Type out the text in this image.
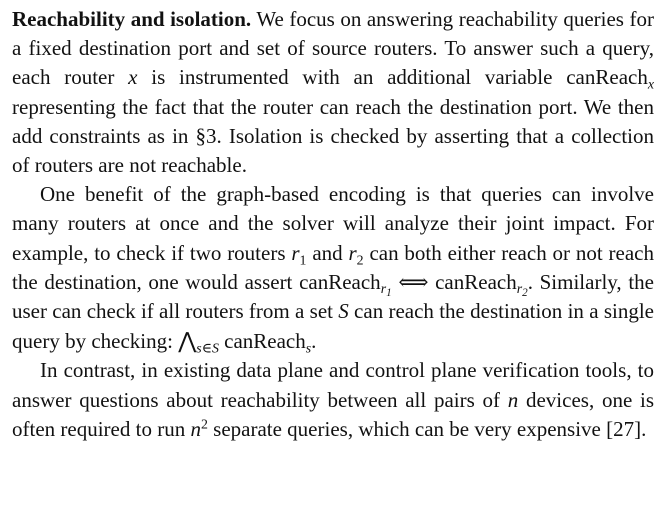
Reachability and isolation. We focus on answering reachability queries for a fixed destination port and set of source routers. To answer such a query, each router x is instrumented with an additional variable canReach$_x$ representing the fact that the router can reach the destination port. We then add constraints as in §3. Isolation is checked by asserting that a collection of routers are not reachable.

One benefit of the graph-based encoding is that queries can involve many routers at once and the solver will analyze their joint impact. For example, to check if two routers $r_1$ and $r_2$ can both either reach or not reach the destination, one would assert canReach$_{r_1}$ ⟺ canReach$_{r_2}$. Similarly, the user can check if all routers from a set S can reach the destination in a single query by checking: $⋀_{s\in S}$ canReach$_s$.

In contrast, in existing data plane and control plane verification tools, to answer questions about reachability between all pairs of n devices, one is often required to run $n^2$ separate queries, which can be very expensive [27].
